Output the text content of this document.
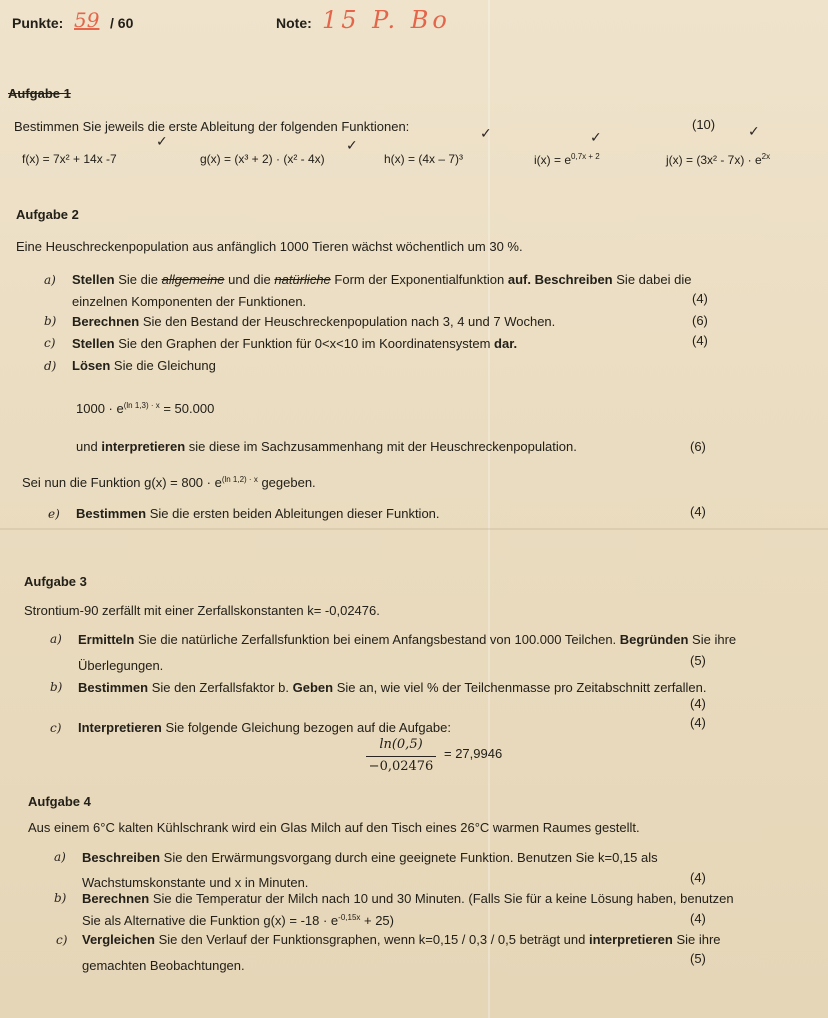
Punkte: 59 / 60	Note: 15 P. Bo
Aufgabe 1
Bestimmen Sie jeweils die erste Ableitung der folgenden Funktionen:	(10)
f(x) = 7x² + 14x -7
✓
g(x) = (x³ + 2) · (x² - 4x)
✓
h(x) = (4x – 7)³
✓
$i(x) = e^{0,7x + 2}$
✓
$j(x) = (3x^2 - 7x) \cdot e^{2x}$
✓
Aufgabe 2
Eine Heuschreckenpopulation aus anfänglich 1000 Tieren wächst wöchentlich um 30 %.
a) Stellen Sie die allgemeine und die natürliche Form der Exponentialfunktion auf. Beschreiben Sie dabei die
einzelnen Komponenten der Funktionen.	(4)
b) Berechnen Sie den Bestand der Heuschreckenpopulation nach 3, 4 und 7 Wochen.	(6)
c) Stellen Sie den Graphen der Funktion für 0<x<10 im Koordinatensystem dar.	(4)
d) Lösen Sie die Gleichung
$1000 \cdot e^{(ln 1,3) \cdot x} = 50.000$
und interpretieren sie diese im Sachzusammenhang mit der Heuschreckenpopulation.	(6)
Sei nun die Funktion $g(x) = 800 \cdot e^{(ln 1,2) \cdot x}$ gegeben.
e) Bestimmen Sie die ersten beiden Ableitungen dieser Funktion.	(4)
Aufgabe 3
Strontium-90 zerfällt mit einer Zerfallskonstanten k= -0,02476.
a) Ermitteln Sie die natürliche Zerfallsfunktion bei einem Anfangsbestand von 100.000 Teilchen. Begründen Sie ihre
Überlegungen.	(5)
b) Bestimmen Sie den Zerfallsfaktor b. Geben Sie an, wie viel % der Teilchenmasse pro Zeitabschnitt zerfallen.
(4)
c) Interpretieren Sie folgende Gleichung bezogen auf die Aufgabe:	(4)
ln(0,5)
−0,02476
= 27,9946
Aufgabe 4
Aus einem 6°C kalten Kühlschrank wird ein Glas Milch auf den Tisch eines 26°C warmen Raumes gestellt.
a) Beschreiben Sie den Erwärmungsvorgang durch eine geeignete Funktion. Benutzen Sie k=0,15 als
Wachstumskonstante und x in Minuten.	(4)
b) Berechnen Sie die Temperatur der Milch nach 10 und 30 Minuten. (Falls Sie für a keine Lösung haben, benutzen
Sie als Alternative die Funktion $g(x) = -18 \cdot e^{-0,15x} + 25$)	(4)
c) Vergleichen Sie den Verlauf der Funktionsgraphen, wenn k=0,15 / 0,3 / 0,5 beträgt und interpretieren Sie ihre
gemachten Beobachtungen.	(5)
